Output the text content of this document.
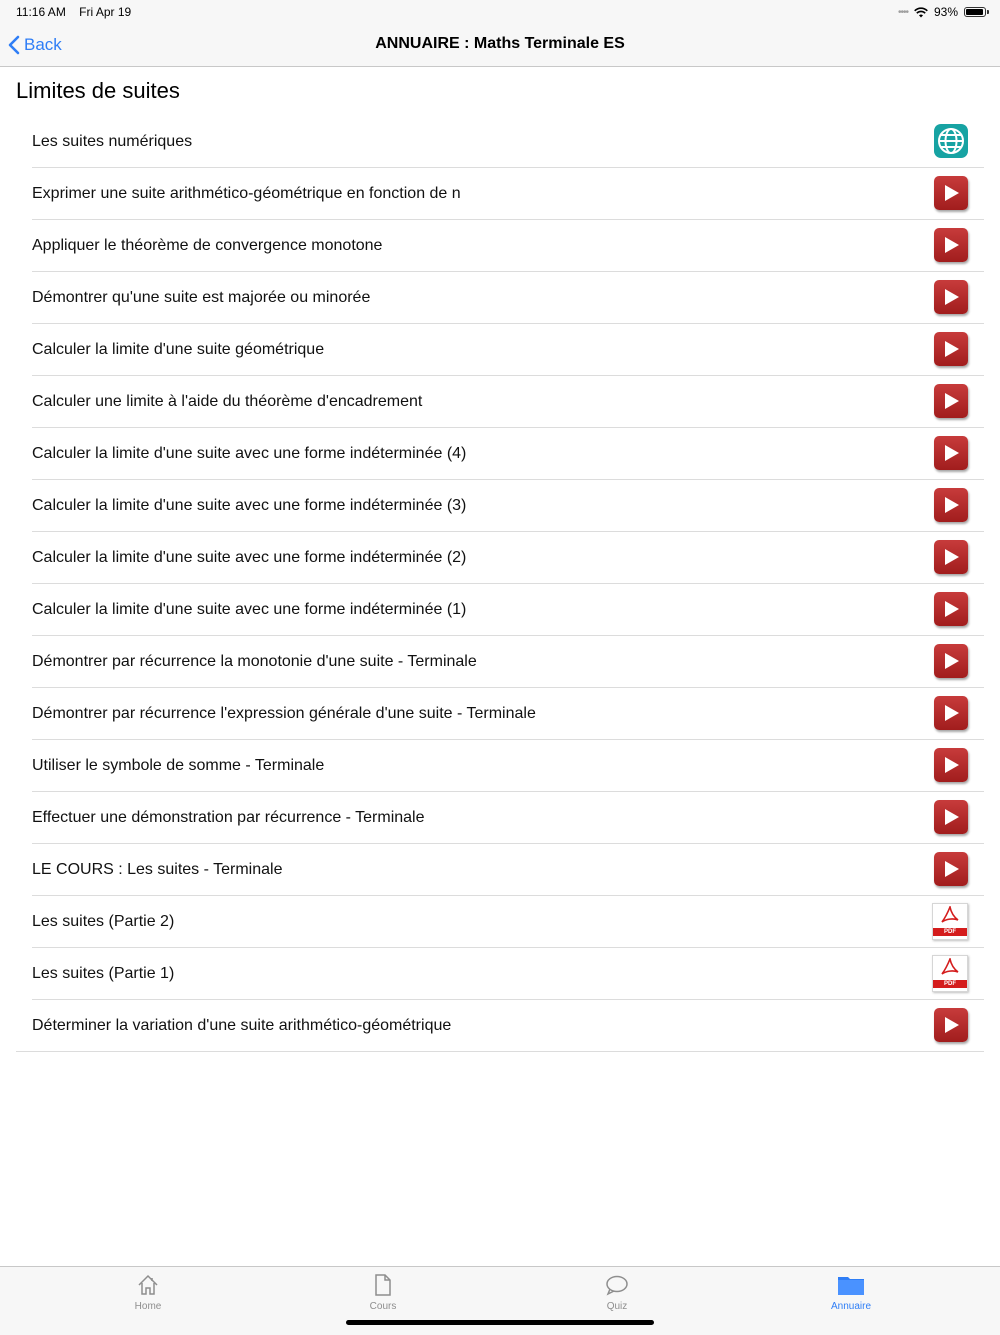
11:16 AM Fri Apr 19	•••• 93%
Back	ANNUAIRE : Maths Terminale ES
Limites de suites
Les suites numériques
Exprimer une suite arithmético-géométrique en fonction de n
Appliquer le théorème de convergence monotone
Démontrer qu'une suite est majorée ou minorée
Calculer la limite d'une suite géométrique
Calculer une limite à l'aide du théorème d'encadrement
Calculer la limite d'une suite avec une forme indéterminée (4)
Calculer la limite d'une suite avec une forme indéterminée (3)
Calculer la limite d'une suite avec une forme indéterminée (2)
Calculer la limite d'une suite avec une forme indéterminée (1)
Démontrer par récurrence la monotonie d'une suite - Terminale
Démontrer par récurrence l'expression générale d'une suite - Terminale
Utiliser le symbole de somme - Terminale
Effectuer une démonstration par récurrence - Terminale
LE COURS : Les suites - Terminale
Les suites (Partie 2)
PDF
Les suites (Partie 1)
PDF
Déterminer la variation d'une suite arithmético-géométrique
Home	Cours	Quiz	Annuaire
